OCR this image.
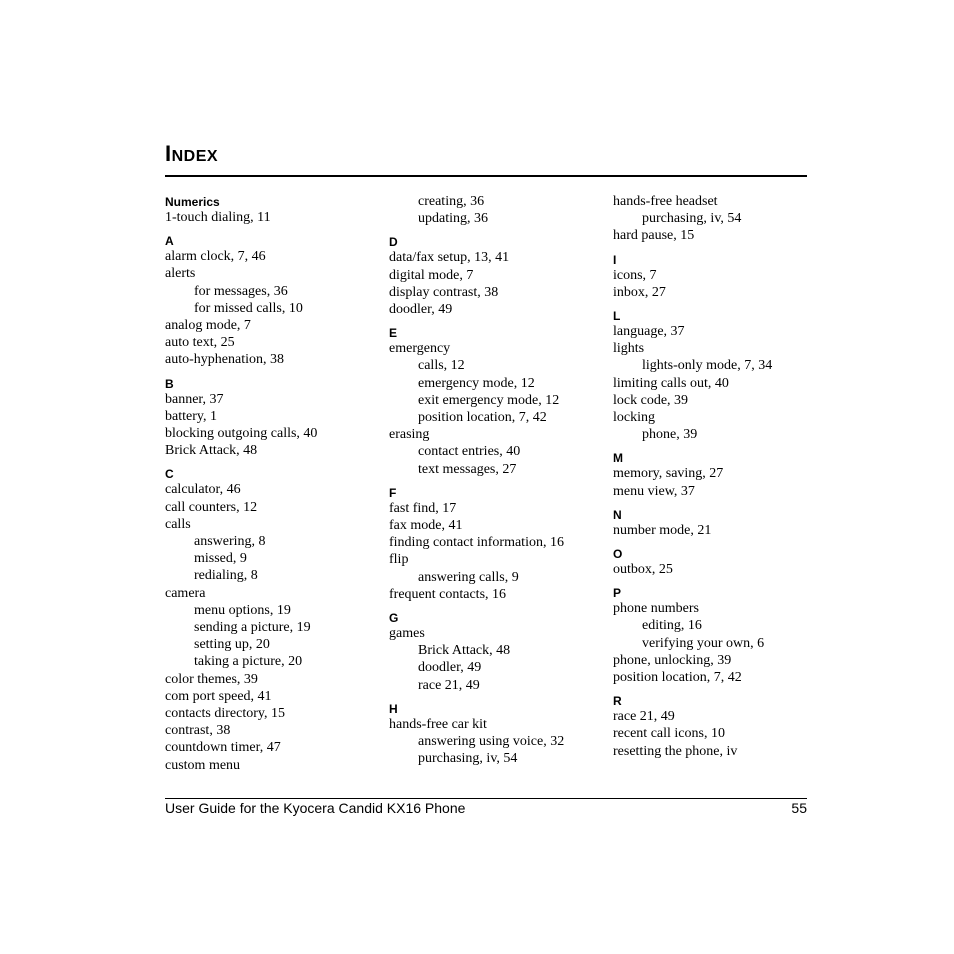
INDEX
Numerics
1-touch dialing, 11
A
alarm clock, 7, 46
alerts
for messages, 36
for missed calls, 10
analog mode, 7
auto text, 25
auto-hyphenation, 38
B
banner, 37
battery, 1
blocking outgoing calls, 40
Brick Attack, 48
C
calculator, 46
call counters, 12
calls
answering, 8
missed, 9
redialing, 8
camera
menu options, 19
sending a picture, 19
setting up, 20
taking a picture, 20
color themes, 39
com port speed, 41
contacts directory, 15
contrast, 38
countdown timer, 47
custom menu
creating, 36
updating, 36
D
data/fax setup, 13, 41
digital mode, 7
display contrast, 38
doodler, 49
E
emergency
calls, 12
emergency mode, 12
exit emergency mode, 12
position location, 7, 42
erasing
contact entries, 40
text messages, 27
F
fast find, 17
fax mode, 41
finding contact information, 16
flip
answering calls, 9
frequent contacts, 16
G
games
Brick Attack, 48
doodler, 49
race 21, 49
H
hands-free car kit
answering using voice, 32
purchasing, iv, 54
hands-free headset
purchasing, iv, 54
hard pause, 15
I
icons, 7
inbox, 27
L
language, 37
lights
lights-only mode, 7, 34
limiting calls out, 40
lock code, 39
locking
phone, 39
M
memory, saving, 27
menu view, 37
N
number mode, 21
O
outbox, 25
P
phone numbers
editing, 16
verifying your own, 6
phone, unlocking, 39
position location, 7, 42
R
race 21, 49
recent call icons, 10
resetting the phone, iv
User Guide for the Kyocera Candid KX16 Phone	55
